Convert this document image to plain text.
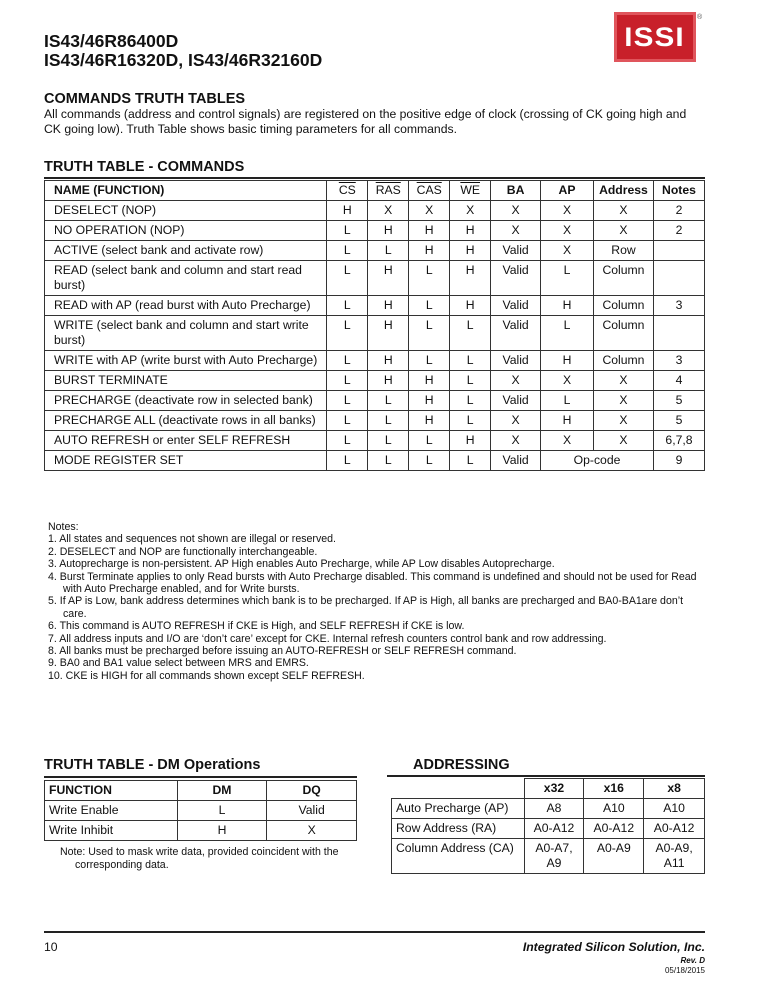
IS43/46R86400D
IS43/46R16320D, IS43/46R32160D
ISSI
®
COMMANDS TRUTH TABLES
All commands (address and control signals) are registered on the positive edge of clock (crossing of CK going high and CK going low). Truth Table shows basic timing parameters for all commands.
TRUTH TABLE - COMMANDS
NAME (FUNCTION)	$\overline{CS}$	$\overline{RAS}$	$\overline{CAS}$	$\overline{WE}$	BA	AP	Address	Notes
DESELECT (NOP)	H	X	X	X	X	X	X	2
NO OPERATION (NOP)	L	H	H	H	X	X	X	2
ACTIVE (select bank and activate row)	L	L	H	H	Valid	X	Row	
READ (select bank and column and start read burst)	L	H	L	H	Valid	L	Column	
READ with AP (read burst with Auto Precharge)	L	H	L	H	Valid	H	Column	3
WRITE (select bank and column and start write burst)	L	H	L	L	Valid	L	Column	
WRITE with AP (write burst with Auto Precharge)	L	H	L	L	Valid	H	Column	3
BURST TERMINATE	L	H	H	L	X	X	X	4
PRECHARGE (deactivate row in selected bank)	L	L	H	L	Valid	L	X	5
PRECHARGE ALL (deactivate rows in all banks)	L	L	H	L	X	H	X	5
AUTO REFRESH or enter SELF REFRESH	L	L	L	H	X	X	X	6,7,8
MODE REGISTER SET	L	L	L	L	Valid	Op-code		9
Notes:
1. All states and sequences not shown are illegal or reserved.
2. DESELECT and NOP are functionally interchangeable.
3. Autoprecharge is non-persistent. AP High enables Auto Precharge, while AP Low disables Autoprecharge.
4. Burst Terminate applies to only Read bursts with Auto Precharge disabled. This command is undefined and should not be used for Read with Auto Precharge enabled, and for Write bursts.
5. If AP is Low, bank address determines which bank is to be precharged. If AP is High, all banks are precharged and BA0-BA1are don’t care.
6. This command is AUTO REFRESH if CKE is High, and SELF REFRESH if CKE is low.
7. All address inputs and I/O are ‘don’t care’ except for CKE. Internal refresh counters control bank and row addressing.
8. All banks must be precharged before issuing an AUTO-REFRESH or SELF REFRESH command.
9. BA0 and BA1 value select between MRS and EMRS.
10. CKE is HIGH for all commands shown except SELF REFRESH.
TRUTH TABLE - DM Operations
FUNCTION	DM	DQ
Write Enable	L	Valid
Write Inhibit	H	X
Note: Used to mask write data, provided coincident with the corresponding data.
ADDRESSING
	x32	x16	x8
Auto Precharge (AP)	A8	A10	A10
Row Address (RA)	A0-A12	A0-A12	A0-A12
Column Address (CA)	A0-A7, A9	A0-A9	A0-A9, A11
10	Integrated Silicon Solution, Inc.
Rev. D
05/18/2015
